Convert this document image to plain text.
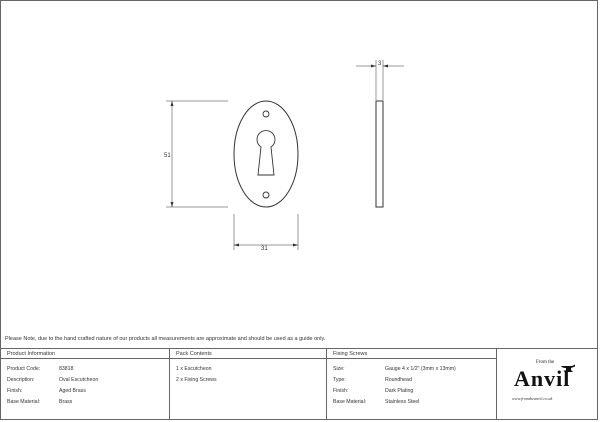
51
31
3
Please Note, due to the hand crafted nature of our products all measurements are approximate and should be used as a guide only.
Product Information
Product Code:	83818
Description:	Oval Escutcheon
Finish:	Aged Brass
Base Material:	Brass
Pack Contents
1 x Escutcheon
2 x Fixing Screws
Fixing Screws
Size:	Gauge 4 x 1/2" (3mm x 13mm)
Type:	Roundhead
Finish:	Dark Plating
Base Material:	Stainless Steel
From the
Anvil
www.fromtheanvil.co.uk
